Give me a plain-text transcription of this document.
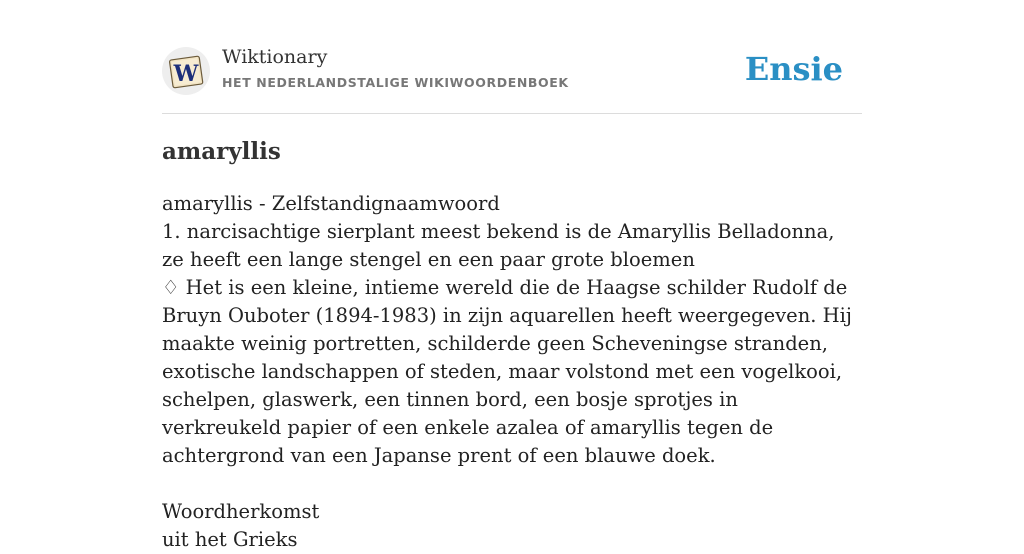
W
Wiktionary
HET NEDERLANDSTALIGE WIKIWOORDENBOEK	Ensie
amaryllis

amaryllis - Zelfstandignaamwoord

1. narcisachtige sierplant meest bekend is de Amaryllis Belladonna, ze heeft een lange stengel en een paar grote bloemen

♢ Het is een kleine, intieme wereld die de Haagse schilder Rudolf de Bruyn Ouboter (1894-1983) in zijn aquarellen heeft weergegeven. Hij maakte weinig portretten, schilderde geen Scheveningse stranden, exotische landschappen of steden, maar volstond met een vogelkooi, schelpen, glaswerk, een tinnen bord, een bosje sprotjes in verkreukeld papier of een enkele azalea of amaryllis tegen de achtergrond van een Japanse prent of een blauwe doek.

Woordherkomst

uit het Grieks
